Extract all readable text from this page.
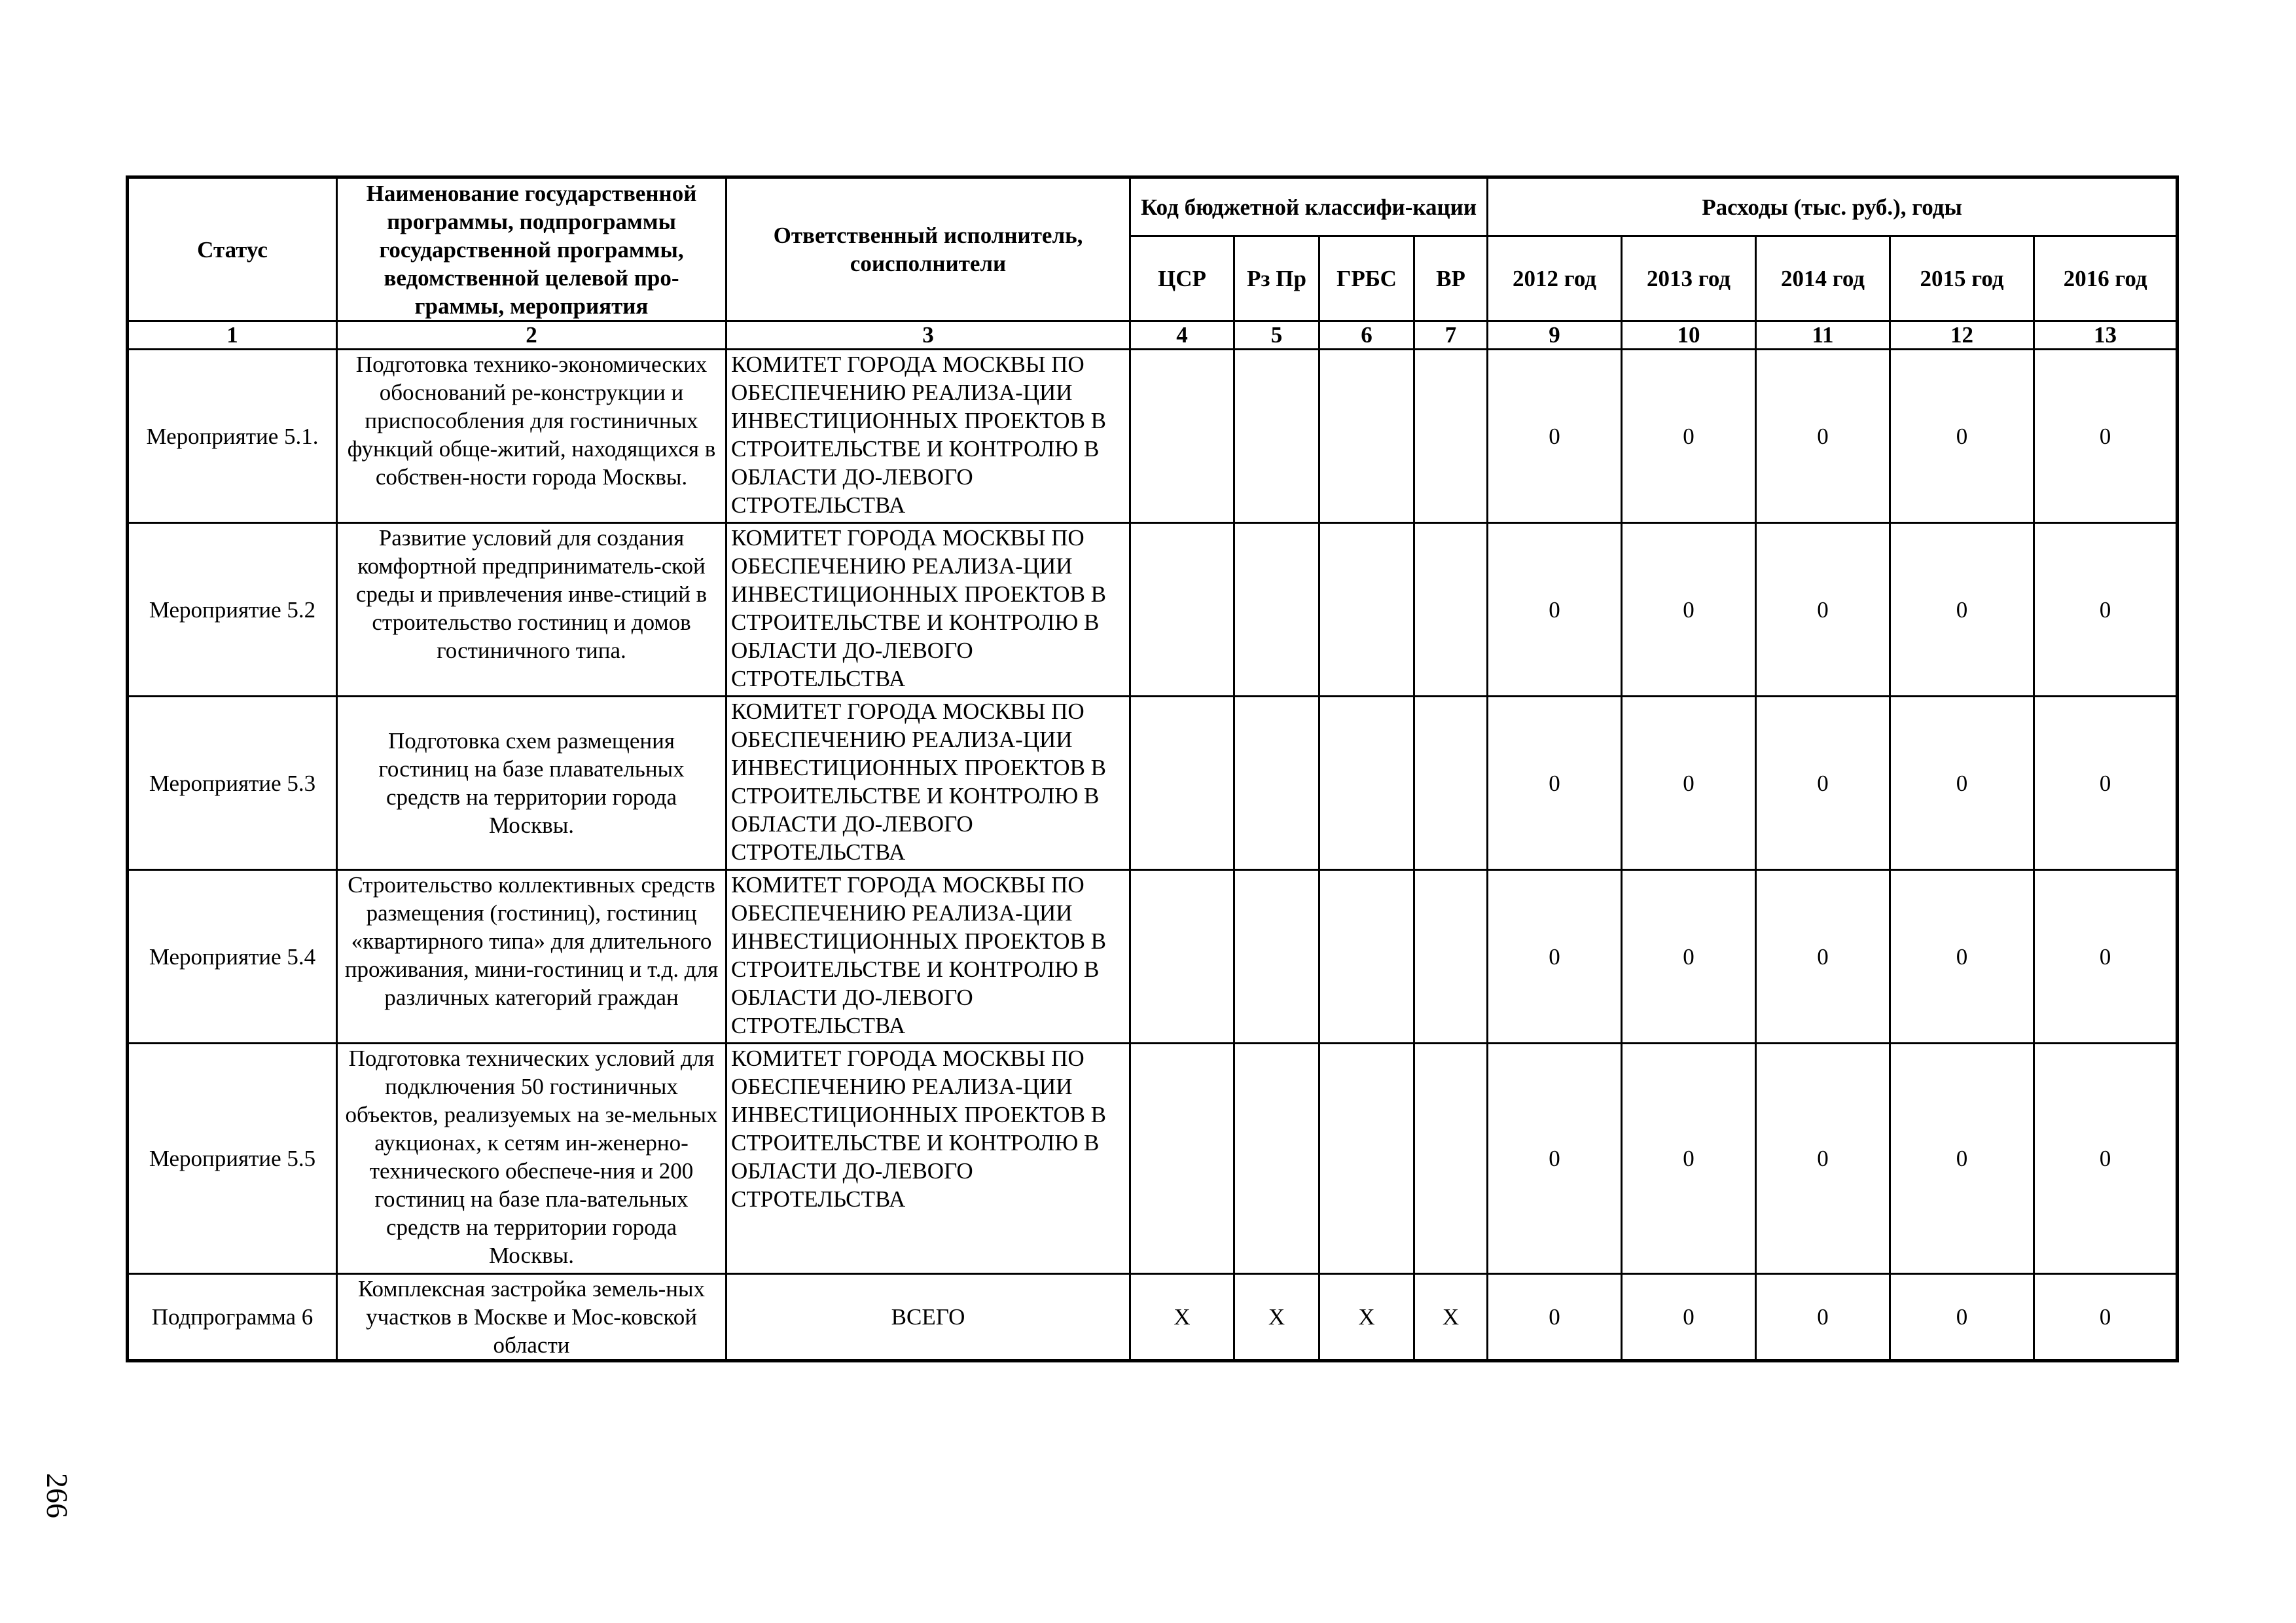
Статус	Наименование государственной программы, подпрограммы государственной программы, ведомственной целевой про-граммы, мероприятия	Ответственный исполнитель, соисполнители	Код бюджетной классифи-кации				Расходы (тыс. руб.), годы				
			ЦСР	Рз Пр	ГРБС	ВР	2012 год	2013 год	2014 год	2015 год	2016 год
1	2	3	4	5	6	7	9	10	11	12	13
Мероприятие 5.1.	Подготовка технико-экономических обоснований ре-конструкции и приспособления для гостиничных функций обще-житий, находящихся в собствен-ности города Москвы.	КОМИТЕТ ГОРОДА МОСКВЫ ПО ОБЕСПЕЧЕНИЮ РЕАЛИЗА-ЦИИ ИНВЕСТИЦИОННЫХ ПРОЕКТОВ В СТРОИТЕЛЬСТВЕ И КОНТРОЛЮ В ОБЛАСТИ ДО-ЛЕВОГО СТРОТЕЛЬСТВА					0	0	0	0	0
Мероприятие 5.2	Развитие условий для создания комфортной предприниматель-ской среды и привлечения инве-стиций в строительство гостиниц и домов гостиничного типа.	КОМИТЕТ ГОРОДА МОСКВЫ ПО ОБЕСПЕЧЕНИЮ РЕАЛИЗА-ЦИИ ИНВЕСТИЦИОННЫХ ПРОЕКТОВ В СТРОИТЕЛЬСТВЕ И КОНТРОЛЮ В ОБЛАСТИ ДО-ЛЕВОГО СТРОТЕЛЬСТВА					0	0	0	0	0
Мероприятие 5.3	Подготовка схем размещения гостиниц на базе плавательных средств на территории города Москвы.	КОМИТЕТ ГОРОДА МОСКВЫ ПО ОБЕСПЕЧЕНИЮ РЕАЛИЗА-ЦИИ ИНВЕСТИЦИОННЫХ ПРОЕКТОВ В СТРОИТЕЛЬСТВЕ И КОНТРОЛЮ В ОБЛАСТИ ДО-ЛЕВОГО СТРОТЕЛЬСТВА					0	0	0	0	0
Мероприятие 5.4	Строительство коллективных средств размещения (гостиниц), гостиниц «квартирного типа» для длительного проживания, мини-гостиниц и т.д. для различных категорий граждан	КОМИТЕТ ГОРОДА МОСКВЫ ПО ОБЕСПЕЧЕНИЮ РЕАЛИЗА-ЦИИ ИНВЕСТИЦИОННЫХ ПРОЕКТОВ В СТРОИТЕЛЬСТВЕ И КОНТРОЛЮ В ОБЛАСТИ ДО-ЛЕВОГО СТРОТЕЛЬСТВА					0	0	0	0	0
Мероприятие 5.5	Подготовка технических условий для подключения 50 гостиничных объектов, реализуемых на зе-мельных аукционах, к сетям ин-женерно-технического обеспече-ния и 200 гостиниц на базе пла-вательных средств на территории города Москвы.	КОМИТЕТ ГОРОДА МОСКВЫ ПО ОБЕСПЕЧЕНИЮ РЕАЛИЗА-ЦИИ ИНВЕСТИЦИОННЫХ ПРОЕКТОВ В СТРОИТЕЛЬСТВЕ И КОНТРОЛЮ В ОБЛАСТИ ДО-ЛЕВОГО СТРОТЕЛЬСТВА					0	0	0	0	0
Подпрограмма 6	Комплексная застройка земель-ных участков в Москве и Мос-ковской области	ВСЕГО	Х	Х	Х	Х	0	0	0	0	0
266
